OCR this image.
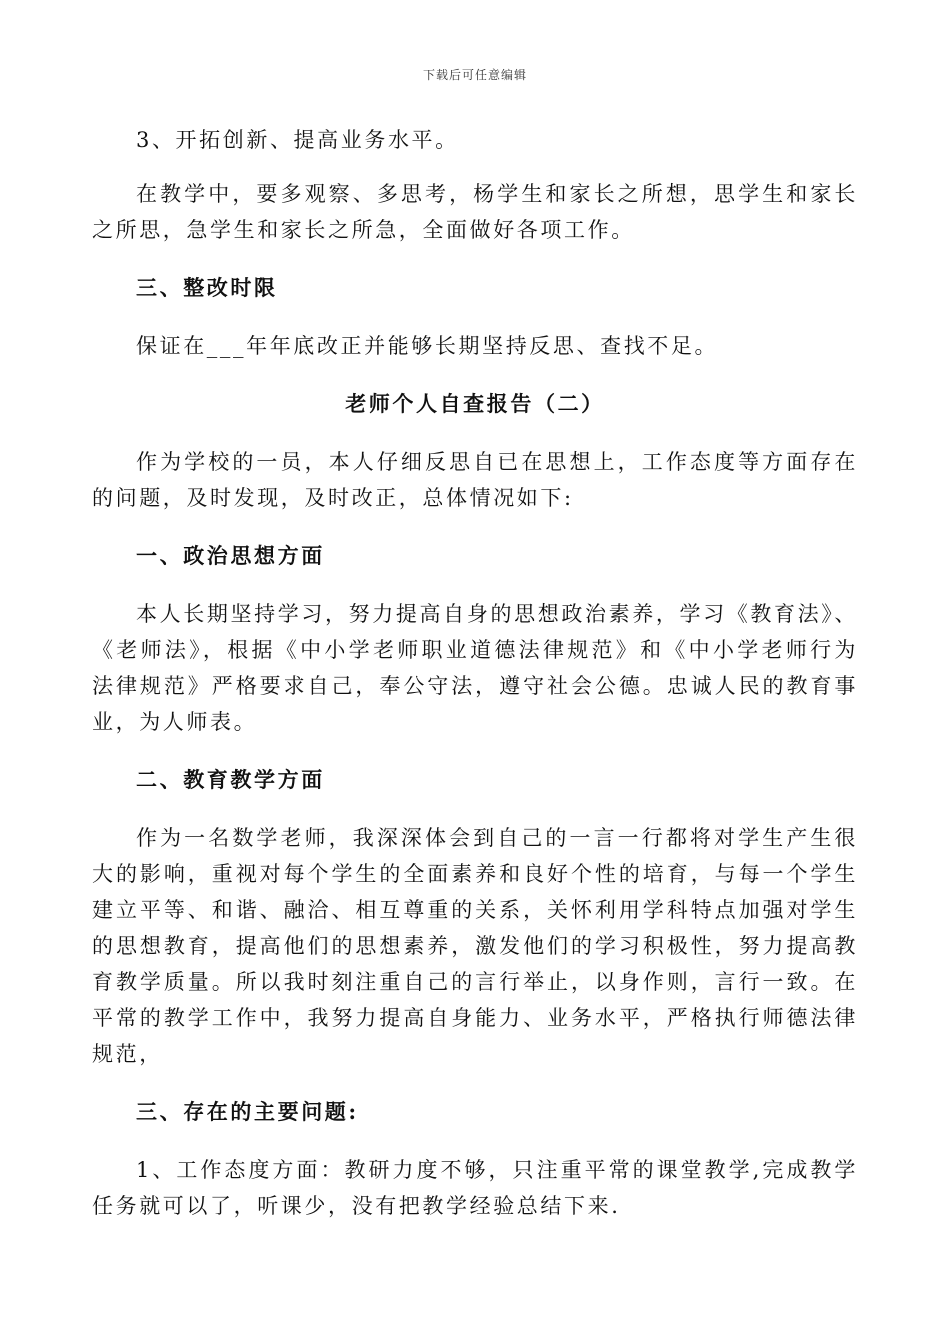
下载后可任意编辑

3、开拓创新、提高业务水平。

在教学中，要多观察、多思考，杨学生和家长之所想，思学生和家长之所思，急学生和家长之所急，全面做好各项工作。

三、整改时限

保证在___年年底改正并能够长期坚持反思、查找不足。

老师个人自查报告（二）

作为学校的一员，本人仔细反思自已在思想上，工作态度等方面存在的问题，及时发现，及时改正，总体情况如下:

一、政治思想方面

本人长期坚持学习，努力提高自身的思想政治素养，学习《教育法》、《老师法》，根据《中小学老师职业道德法律规范》和《中小学老师行为法律规范》严格要求自己，奉公守法，遵守社会公德。忠诚人民的教育事业，为人师表。

二、教育教学方面

作为一名数学老师，我深深体会到自己的一言一行都将对学生产生很大的影响，重视对每个学生的全面素养和良好个性的培育，与每一个学生建立平等、和谐、融洽、相互尊重的关系，关怀利用学科特点加强对学生的思想教育，提高他们的思想素养，激发他们的学习积极性，努力提高教育教学质量。所以我时刻注重自己的言行举止，以身作则，言行一致。在平常的教学工作中，我努力提高自身能力、业务水平，严格执行师德法律规范，

三、存在的主要问题:

1、工作态度方面：教研力度不够，只注重平常的课堂教学,完成教学任务就可以了，听课少，没有把教学经验总结下来.
